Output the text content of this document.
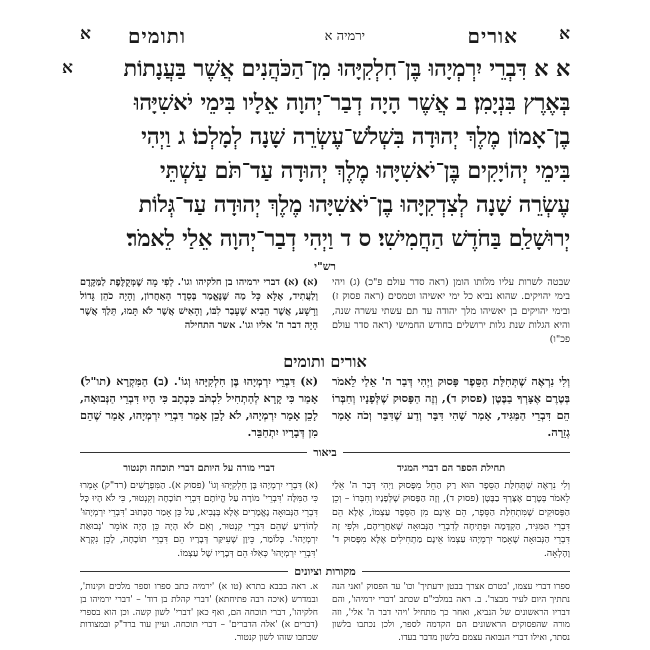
א
אורים
ירמיה א
ותומים
א
א	א א דִּבְרֵי יִרְמְיָהוּ בֶּן־חִלְקִיָּהוּ מִן־הַכֹּהֲנִים אֲשֶׁר בַּעֲנָתוֹת
בְּאֶרֶץ בִּנְיָמִן׃ ב אֲשֶׁר הָיָה דְבַר־יְהוָה אֵלָיו בִּימֵי יֹאשִׁיָּהוּ
בֶן־אָמוֹן מֶלֶךְ יְהוּדָה בִּשְׁלֹשׁ־עֶשְׂרֵה שָׁנָה לְמָלְכוֹ׃ ג וַיְהִי
בִּימֵי יְהוֹיָקִים בֶּן־יֹאשִׁיָּהוּ מֶלֶךְ יְהוּדָה עַד־תֹּם עַשְׁתֵּי
עֶשְׂרֵה שָׁנָה לְצִדְקִיָּהוּ בֶן־יֹאשִׁיָּהוּ מֶלֶךְ יְהוּדָה עַד־גְּלוֹת
יְרוּשָׁלַ‍ִם בַּחֹדֶשׁ הַחֲמִישִׁי׃ ס ד וַיְהִי דְבַר־יְהוָה אֵלַי לֵאמֹר׃
רש"י
(א) (א) דברי ירמיהו בן חלקיהו וגו'. לְפִי מָה שֶׁמְּקֻלֶּפֶת לַמַּקֶּדֶם וְלַעֲתִיד, אֶלָּא כָּל מַה שֶּׁנֶּאֱמַר בְּסֵדֶר הָאַחֲרוֹן, וְהָיָה כֹהֵן גָּדוֹל וְרָשָׁע, אֲשֶׁר הֵבִיא שֶׁעָבַר לִבּוֹ, וְהָאִישׁ אֲשֶׁר לֹא תָּמוּ, תֵּלַךְ אֲשֶׁר הָיָה דבר ה' אליו וגו'. אשר התחילה
שבטה לשרות עליו מלותו הומן (ראה סדר עולם פ"כ) (ג) ויהי בימי יהויקים. שהוא נביא כל ימי יאשיהו וטמסים (ראה פסוק ז) ובימי יהויקים בן יאשיהו מלך יהודה עד תם עשתי עשרה שנה, והיא הגלות שנת גלות ירושלים בחודש החמישי (ראה סדר עולם פכ"ו)
אורים ותומים
(א) דִּבְרֵי יִרְמְיָהוּ בֶּן חִלְקִיָּהוּ וְגוֹ'. (ב) הַמִּקְרָא (תו"ל) אָמַר כִּי קָרָא לְהַתְחִיל לִכְתֹּב כִּכְתָב כִּי הָיוּ דִּבְרֵי הַנְּבוּאָה, לָכֵן אָמַר יִרְמְיָהוּ, לֹא לָכֵן אָמַר דִּבְרֵי יִרְמְיָהוּ, אָמַר שֶׁהֵם מִן דְּבָרָיו יִתְחַבֵּר.
וְלִי נִרְאֶה שֶׁתְּחִלַּת הַסֵּפֶר פָּסוּק וַיְהִי דְּבַר ה' אֵלַי לֵאמֹר בְּטֶרֶם אֶצָּרְךָ בַבֶּטֶן (פסוק ד), וְזֶה הַפָּסוּק שֶׁלְּפָנָיו וְחִבְּרוֹ הֵם דִּבְרֵי הַמַּגִּיד, אָמַר שָׁהִי דִּבָּר וְדַע שֶׁדִּבַּר וְכֹה אָמַר גְזֵרָה.
ביאור
דברי מורה על היותם דברי תוכחה וקנטור
(א) דִּבְרֵי יִרְמְיָהוּ בֶּן חִלְקִיָּהוּ וְגוֹ' (פסוק א). הַמִּפְרָשִׁים (רד"ק) אָמְרוּ כִּי הַמִּלָּה 'דִּבְרֵי' מוֹרָה עַל הֱיוֹתָם דִּבְרֵי תוֹכָחָה וְקִנְטוּר, כִּי לֹא הָיוּ כָּל דִּבְרֵי הַנְּבוּאָה נֶאֱמָרִים אֶלָּא בְּנָבִיא, עַל כֵּן אָמַר הַכָּתוּב 'דִּבְרֵי יִרְמְיָהוּ' לְהוֹדִיעַ שֶׁהֵם דִּבְרֵי קִנְטוּר, וְאִם לֹא הָיָה כֵּן הָיָה אוֹמֵר 'נְבוּאַת יִרְמְיָהוּ'. כְּלוֹמַר, כֵּיוָן שֶׁעִיקַּר דְּבָרָיו הֵם דִּבְרֵי תוֹכָחָה, לָכֵן נִקְרָא 'דִּבְרֵי יִרְמְיָהוּ' כְּאִלּוּ הֵם דְּבָרָיו שֶׁל עַצְמוֹ.
תחילת הספר הם דברי המגיד
וְלִי נִרְאֶה שֶׁתְּחִלַּת הַסֵּפֶר הוּא רַק הַחֵל מִפָּסוּק וַיְהִי דְּבַר ה' אֵלַי לֵאמֹר בְּטֶרֶם אֶצָּרְךָ בַבֶּטֶן (פסוק ד), וְזֶה הַפָּסוּק שֶׁלְּפָנָיו וְחִבְּרוֹ – וְכֵן הַפְּסוּקִים שֶׁמִּתְחִלַּת הַסֵּפֶר, הֵם אֵינָם מִן הַסֵּפֶר עַצְמוֹ, אֶלָּא הֵם דִּבְרֵי הַמַּגִּיד, הַקְדָּמָה וּפְתִיחָה לְדִבְרֵי הַנְּבוּאָה שֶׁאַחֲרֵיהֶם, וּלְפִי זֶה דִּבְרֵי הַנְּבוּאָה שֶׁאָמַר יִרְמְיָהוּ עַצְמוֹ אֵינָם מַתְחִילִים אֶלָּא מִפָּסוּק ד' וָהָלְאָה.
מקורות וציונים
א. ראה בבבא בתרא (טו א) 'ירמיה כתב ספרו וספר מלכים וקינות', ובמדרש (איכה רבה פתיחתא) 'דברי קהלת בן דוד' – 'דברי ירמיהו בן חלקיהו', דברי תוכחה הם, ואף כאן 'דברי' לשון קשה. וכן הוא בספרי (דברים א) 'אלה הדברים' – דברי תוכחה. ועיין עוד ברד"ק ובמצודות שכתבו שזהו לשון קנטור.
ספרו דברי עצמו, 'בטרם אצרך בבטן ידעתיך' וכו' עד הפסוק 'ואני הנה נתתיך היום לעיר מבצר'. ב. ראה במלבי"ם שכתב 'דברי ירמיהו', והם דבריו הראשונים של הנביא, ואחר כך מתחיל 'ויהי דבר ה' אלי', וזה מורה שהפסוקים הראשונים הם הקדמה לספר, ולכן נכתבו בלשון נסתר, ואילו דברי הנבואה עצמם בלשון מדבר בעדו.
